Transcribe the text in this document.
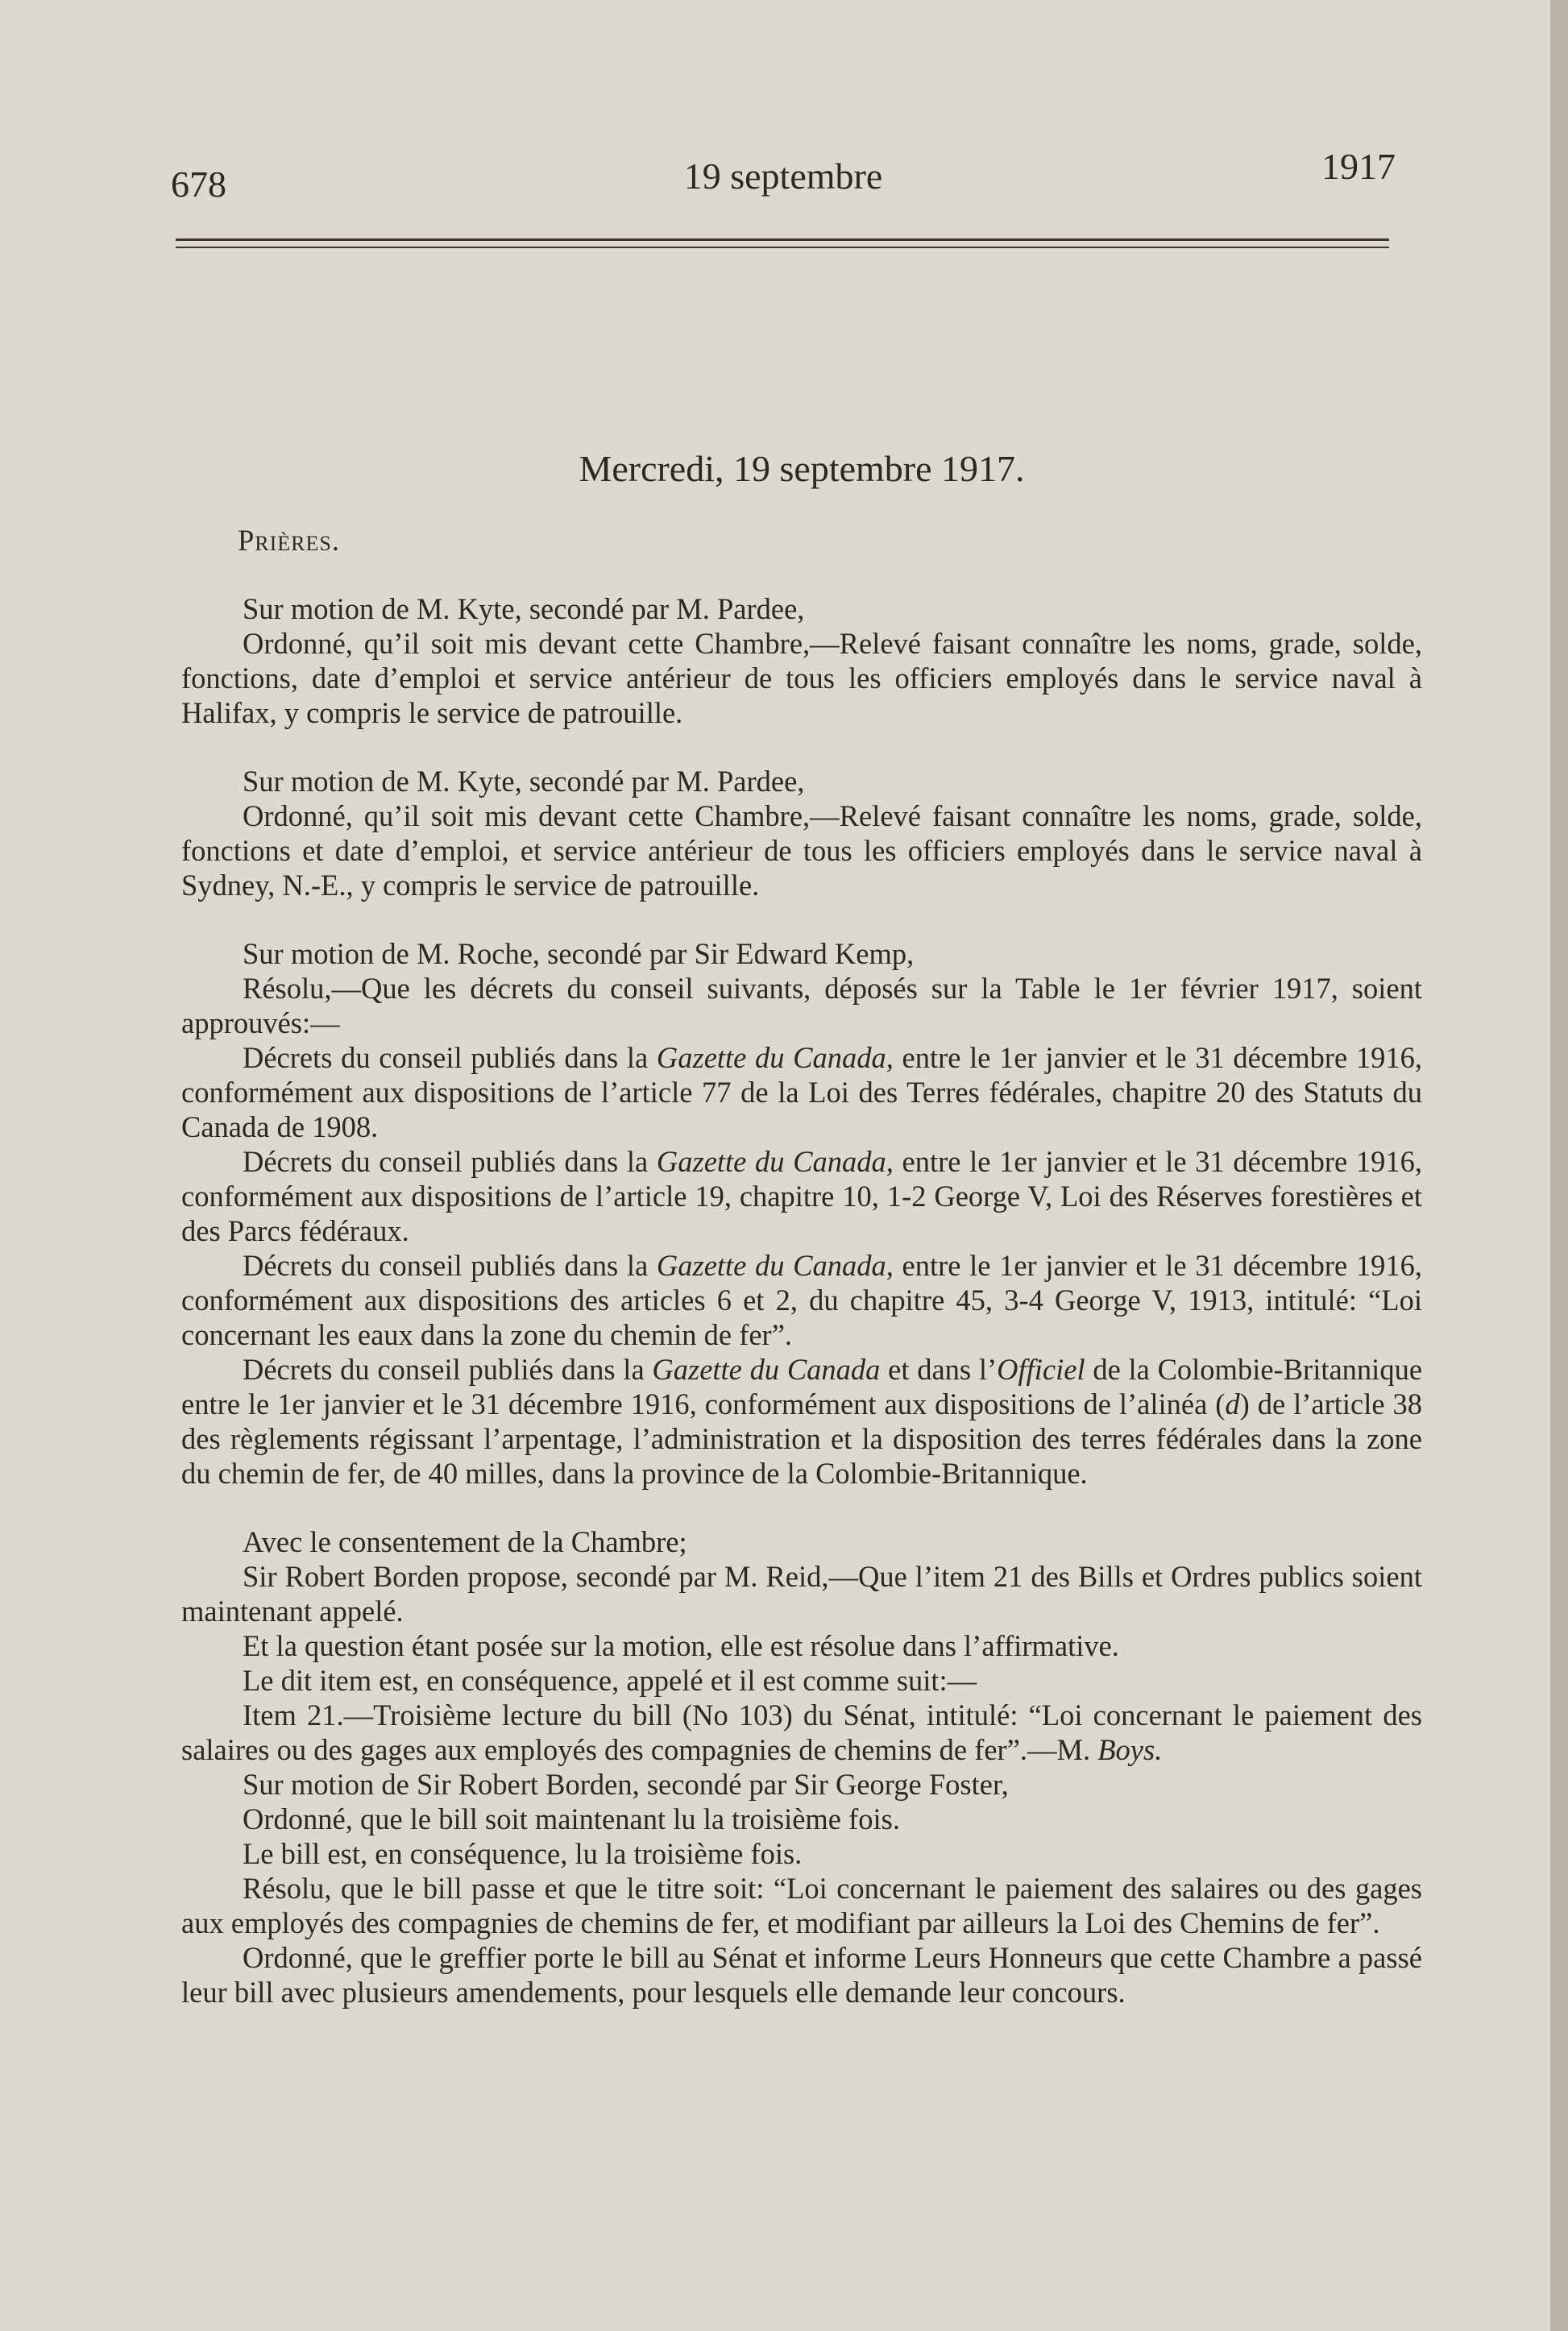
678	19 septembre	1917
Mercredi, 19 septembre 1917.
Prières.

Sur motion de M. Kyte, secondé par M. Pardee,

Ordonné, qu’il soit mis devant cette Chambre,—Relevé faisant connaître les noms, grade, solde, fonctions, date d’emploi et service antérieur de tous les officiers employés dans le service naval à Halifax, y compris le service de patrouille.

Sur motion de M. Kyte, secondé par M. Pardee,

Ordonné, qu’il soit mis devant cette Chambre,—Relevé faisant connaître les noms, grade, solde, fonctions et date d’emploi, et service antérieur de tous les officiers employés dans le service naval à Sydney, N.-E., y compris le service de patrouille.

Sur motion de M. Roche, secondé par Sir Edward Kemp,

Résolu,—Que les décrets du conseil suivants, déposés sur la Table le 1er février 1917, soient approuvés:—

Décrets du conseil publiés dans la Gazette du Canada, entre le 1er janvier et le 31 décembre 1916, conformément aux dispositions de l’article 77 de la Loi des Terres fédérales, chapitre 20 des Statuts du Canada de 1908.

Décrets du conseil publiés dans la Gazette du Canada, entre le 1er janvier et le 31 décembre 1916, conformément aux dispositions de l’article 19, chapitre 10, 1-2 George V, Loi des Réserves forestières et des Parcs fédéraux.

Décrets du conseil publiés dans la Gazette du Canada, entre le 1er janvier et le 31 décembre 1916, conformément aux dispositions des articles 6 et 2, du chapitre 45, 3-4 George V, 1913, intitulé: “Loi concernant les eaux dans la zone du chemin de fer”.

Décrets du conseil publiés dans la Gazette du Canada et dans l’Officiel de la Colombie-Britannique entre le 1er janvier et le 31 décembre 1916, conformément aux dispositions de l’alinéa (d) de l’article 38 des règlements régissant l’arpentage, l’administration et la disposition des terres fédérales dans la zone du chemin de fer, de 40 milles, dans la province de la Colombie-Britannique.

Avec le consentement de la Chambre;

Sir Robert Borden propose, secondé par M. Reid,—Que l’item 21 des Bills et Ordres publics soient maintenant appelé.

Et la question étant posée sur la motion, elle est résolue dans l’affirmative.

Le dit item est, en conséquence, appelé et il est comme suit:—

Item 21.—Troisième lecture du bill (No 103) du Sénat, intitulé: “Loi concernant le paiement des salaires ou des gages aux employés des compagnies de chemins de fer”.—M. Boys.

Sur motion de Sir Robert Borden, secondé par Sir George Foster,

Ordonné, que le bill soit maintenant lu la troisième fois.

Le bill est, en conséquence, lu la troisième fois.

Résolu, que le bill passe et que le titre soit: “Loi concernant le paiement des salaires ou des gages aux employés des compagnies de chemins de fer, et modifiant par ailleurs la Loi des Chemins de fer”.

Ordonné, que le greffier porte le bill au Sénat et informe Leurs Honneurs que cette Chambre a passé leur bill avec plusieurs amendements, pour lesquels elle demande leur concours.
